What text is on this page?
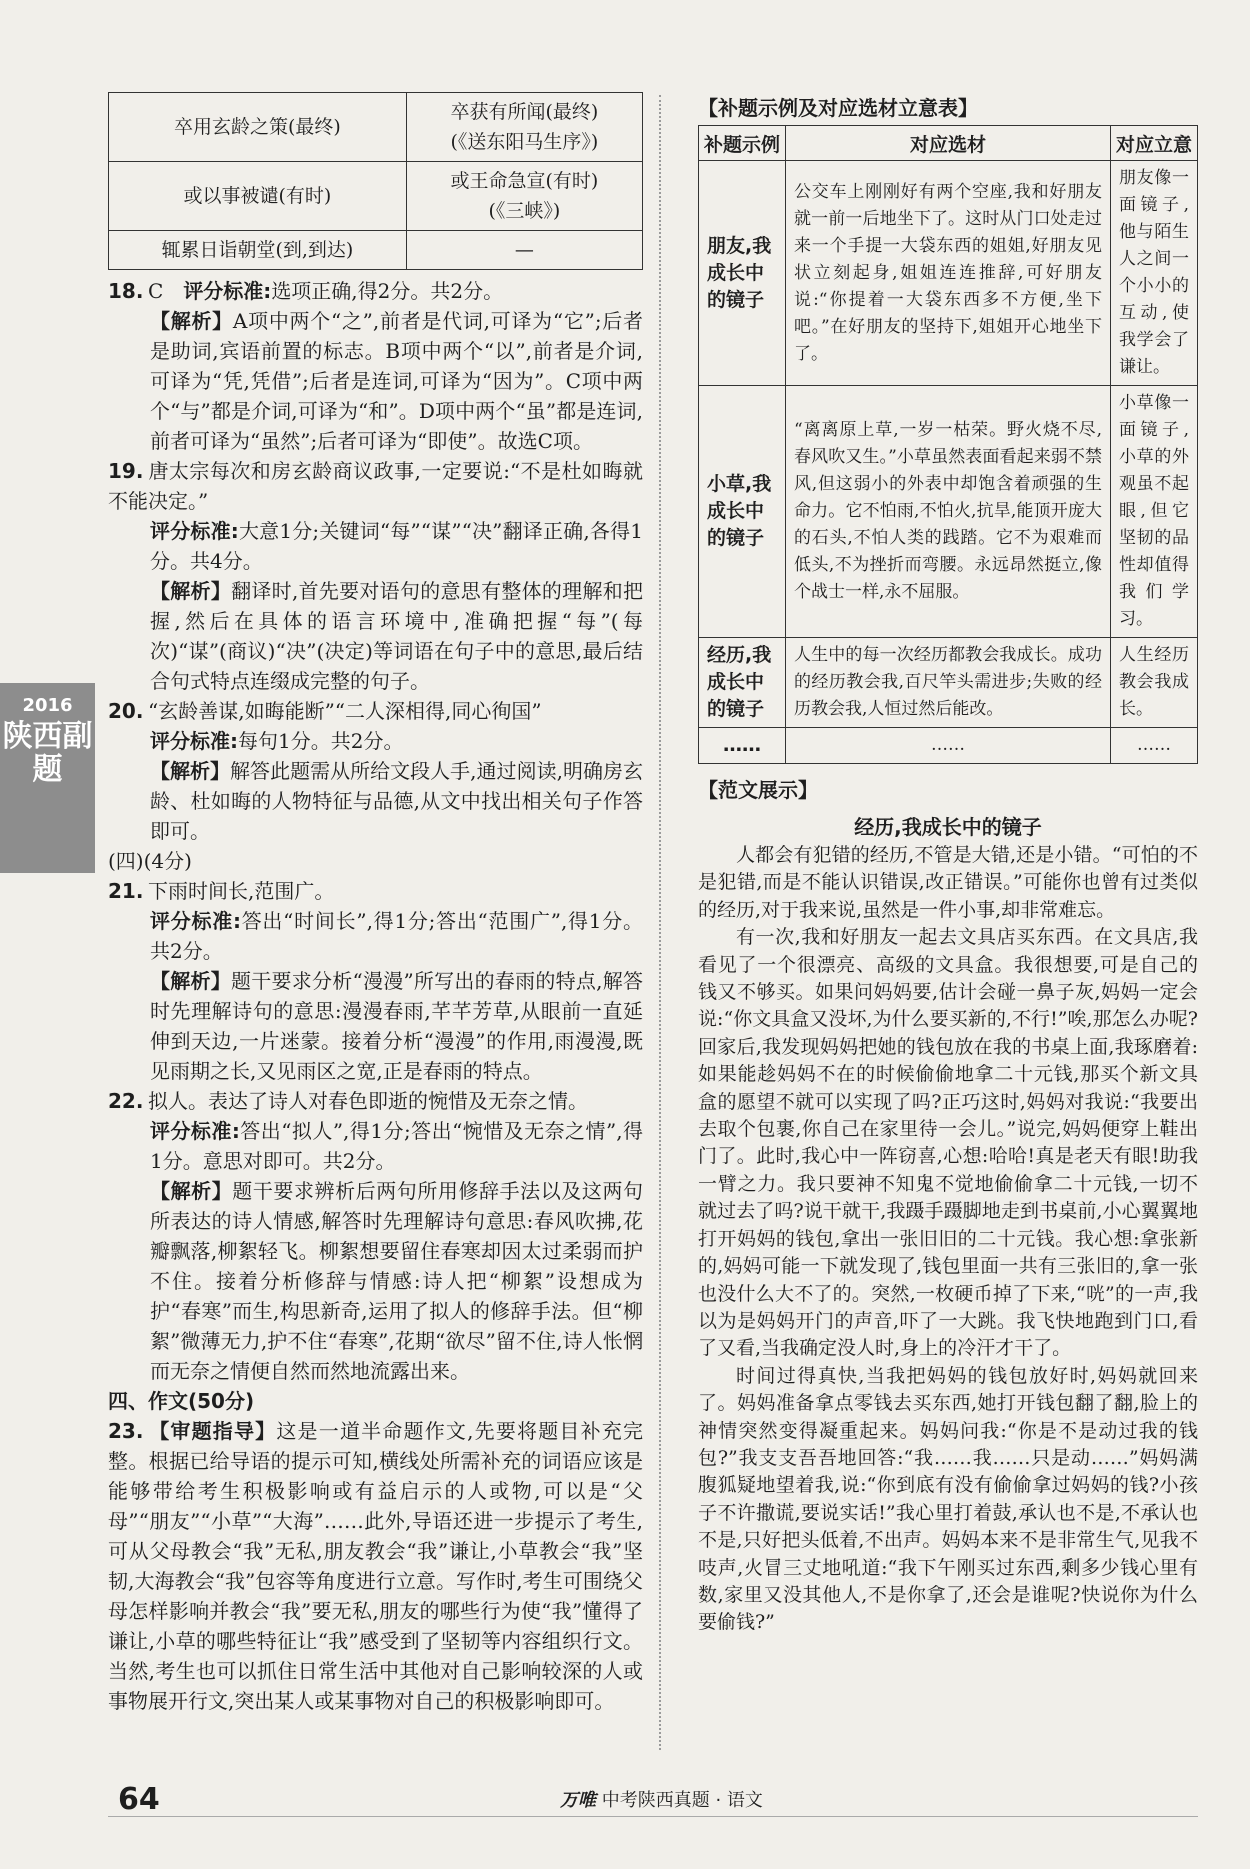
2016
陕西副题
卒用玄龄之策(最终)	卒获有所闻(最终)
(《送东阳马生序》)

或以事被谴(有时)	或王命急宣(有时)
(《三峡》)

辄累日诣朝堂(到,到达)	—

18. C　 评分标准:选项正确,得2分。共2分。

【解析】A项中两个“之”,前者是代词,可译为“它”;后者是助词,宾语前置的标志。B项中两个“以”,前者是介词,可译为“凭,凭借”;后者是连词,可译为“因为”。C项中两个“与”都是介词,可译为“和”。D项中两个“虽”都是连词,前者可译为“虽然”;后者可译为“即使”。故选C项。

19. 唐太宗每次和房玄龄商议政事,一定要说:“不是杜如晦就不能决定。”

评分标准:大意1分;关键词“每”“谋”“决”翻译正确,各得1分。共4分。

【解析】翻译时,首先要对语句的意思有整体的理解和把握,然后在具体的语言环境中,准确把握“每”(每次)“谋”(商议)“决”(决定)等词语在句子中的意思,最后结合句式特点连缀成完整的句子。

20. “玄龄善谋,如晦能断”“二人深相得,同心徇国”

评分标准:每句1分。共2分。

【解析】解答此题需从所给文段人手,通过阅读,明确房玄龄、杜如晦的人物特征与品德,从文中找出相关句子作答即可。

(四)(4分)

21. 下雨时间长,范围广。

评分标准:答出“时间长”,得1分;答出“范围广”,得1分。共2分。

【解析】题干要求分析“漫漫”所写出的春雨的特点,解答时先理解诗句的意思:漫漫春雨,芊芊芳草,从眼前一直延伸到天边,一片迷蒙。接着分析“漫漫”的作用,雨漫漫,既见雨期之长,又见雨区之宽,正是春雨的特点。

22. 拟人。表达了诗人对春色即逝的惋惜及无奈之情。

评分标准:答出“拟人”,得1分;答出“惋惜及无奈之情”,得1分。意思对即可。共2分。

【解析】题干要求辨析后两句所用修辞手法以及这两句所表达的诗人情感,解答时先理解诗句意思:春风吹拂,花瓣飘落,柳絮轻飞。柳絮想要留住春寒却因太过柔弱而护不住。接着分析修辞与情感:诗人把“柳絮”设想成为护“春寒”而生,构思新奇,运用了拟人的修辞手法。但“柳絮”微薄无力,护不住“春寒”,花期“欲尽”留不住,诗人怅惘而无奈之情便自然而然地流露出来。

四、作文(50分)

23. 【审题指导】这是一道半命题作文,先要将题目补充完整。根据已给导语的提示可知,横线处所需补充的词语应该是能够带给考生积极影响或有益启示的人或物,可以是“父母”“朋友”“小草”“大海”……此外,导语还进一步提示了考生,可从父母教会“我”无私,朋友教会“我”谦让,小草教会“我”坚韧,大海教会“我”包容等角度进行立意。写作时,考生可围绕父母怎样影响并教会“我”要无私,朋友的哪些行为使“我”懂得了谦让,小草的哪些特征让“我”感受到了坚韧等内容组织行文。当然,考生也可以抓住日常生活中其他对自己影响较深的人或事物展开行文,突出某人或某事物对自己的积极影响即可。

【补题示例及对应选材立意表】

补题示例	对应选材	对应立意
朋友,我成长中的镜子	公交车上刚刚好有两个空座,我和好朋友就一前一后地坐下了。这时从门口处走过来一个手提一大袋东西的姐姐,好朋友见状立刻起身,姐姐连连推辞,可好朋友说:“你提着一大袋东西多不方便,坐下吧。”在好朋友的坚持下,姐姐开心地坐下了。	朋友像一面镜子,他与陌生人之间一个小小的互动,使我学会了谦让。
小草,我成长中的镜子	“离离原上草,一岁一枯荣。野火烧不尽,春风吹又生。”小草虽然表面看起来弱不禁风,但这弱小的外表中却饱含着顽强的生命力。它不怕雨,不怕火,抗旱,能顶开庞大的石头,不怕人类的践踏。它不为艰难而低头,不为挫折而弯腰。永远昂然挺立,像个战士一样,永不屈服。	小草像一面镜子,小草的外观虽不起眼,但它坚韧的品性却值得我们学习。
经历,我成长中的镜子	人生中的每一次经历都教会我成长。成功的经历教会我,百尺竿头需进步;失败的经历教会我,人恒过然后能改。	人生经历教会我成长。
……	……	……

【范文展示】

经历,我成长中的镜子

人都会有犯错的经历,不管是大错,还是小错。“可怕的不是犯错,而是不能认识错误,改正错误。”可能你也曾有过类似的经历,对于我来说,虽然是一件小事,却非常难忘。

有一次,我和好朋友一起去文具店买东西。在文具店,我看见了一个很漂亮、高级的文具盒。我很想要,可是自己的钱又不够买。如果问妈妈要,估计会碰一鼻子灰,妈妈一定会说:“你文具盒又没坏,为什么要买新的,不行!”唉,那怎么办呢?回家后,我发现妈妈把她的钱包放在我的书桌上面,我琢磨着:如果能趁妈妈不在的时候偷偷地拿二十元钱,那买个新文具盒的愿望不就可以实现了吗?正巧这时,妈妈对我说:“我要出去取个包裹,你自己在家里待一会儿。”说完,妈妈便穿上鞋出门了。此时,我心中一阵窃喜,心想:哈哈!真是老天有眼!助我一臂之力。我只要神不知鬼不觉地偷偷拿二十元钱,一切不就过去了吗?说干就干,我蹑手蹑脚地走到书桌前,小心翼翼地打开妈妈的钱包,拿出一张旧旧的二十元钱。我心想:拿张新的,妈妈可能一下就发现了,钱包里面一共有三张旧的,拿一张也没什么大不了的。突然,一枚硬币掉了下来,“咣”的一声,我以为是妈妈开门的声音,吓了一大跳。我飞快地跑到门口,看了又看,当我确定没人时,身上的冷汗才干了。

时间过得真快,当我把妈妈的钱包放好时,妈妈就回来了。妈妈准备拿点零钱去买东西,她打开钱包翻了翻,脸上的神情突然变得凝重起来。妈妈问我:“你是不是动过我的钱包?”我支支吾吾地回答:“我……我……只是动……”妈妈满腹狐疑地望着我,说:“你到底有没有偷偷拿过妈妈的钱?小孩子不许撒谎,要说实话!”我心里打着鼓,承认也不是,不承认也不是,只好把头低着,不出声。妈妈本来不是非常生气,见我不吱声,火冒三丈地吼道:“我下午刚买过东西,剩多少钱心里有数,家里又没其他人,不是你拿了,还会是谁呢?快说你为什么要偷钱?”

64	万唯 中考陕西真题 · 语文
